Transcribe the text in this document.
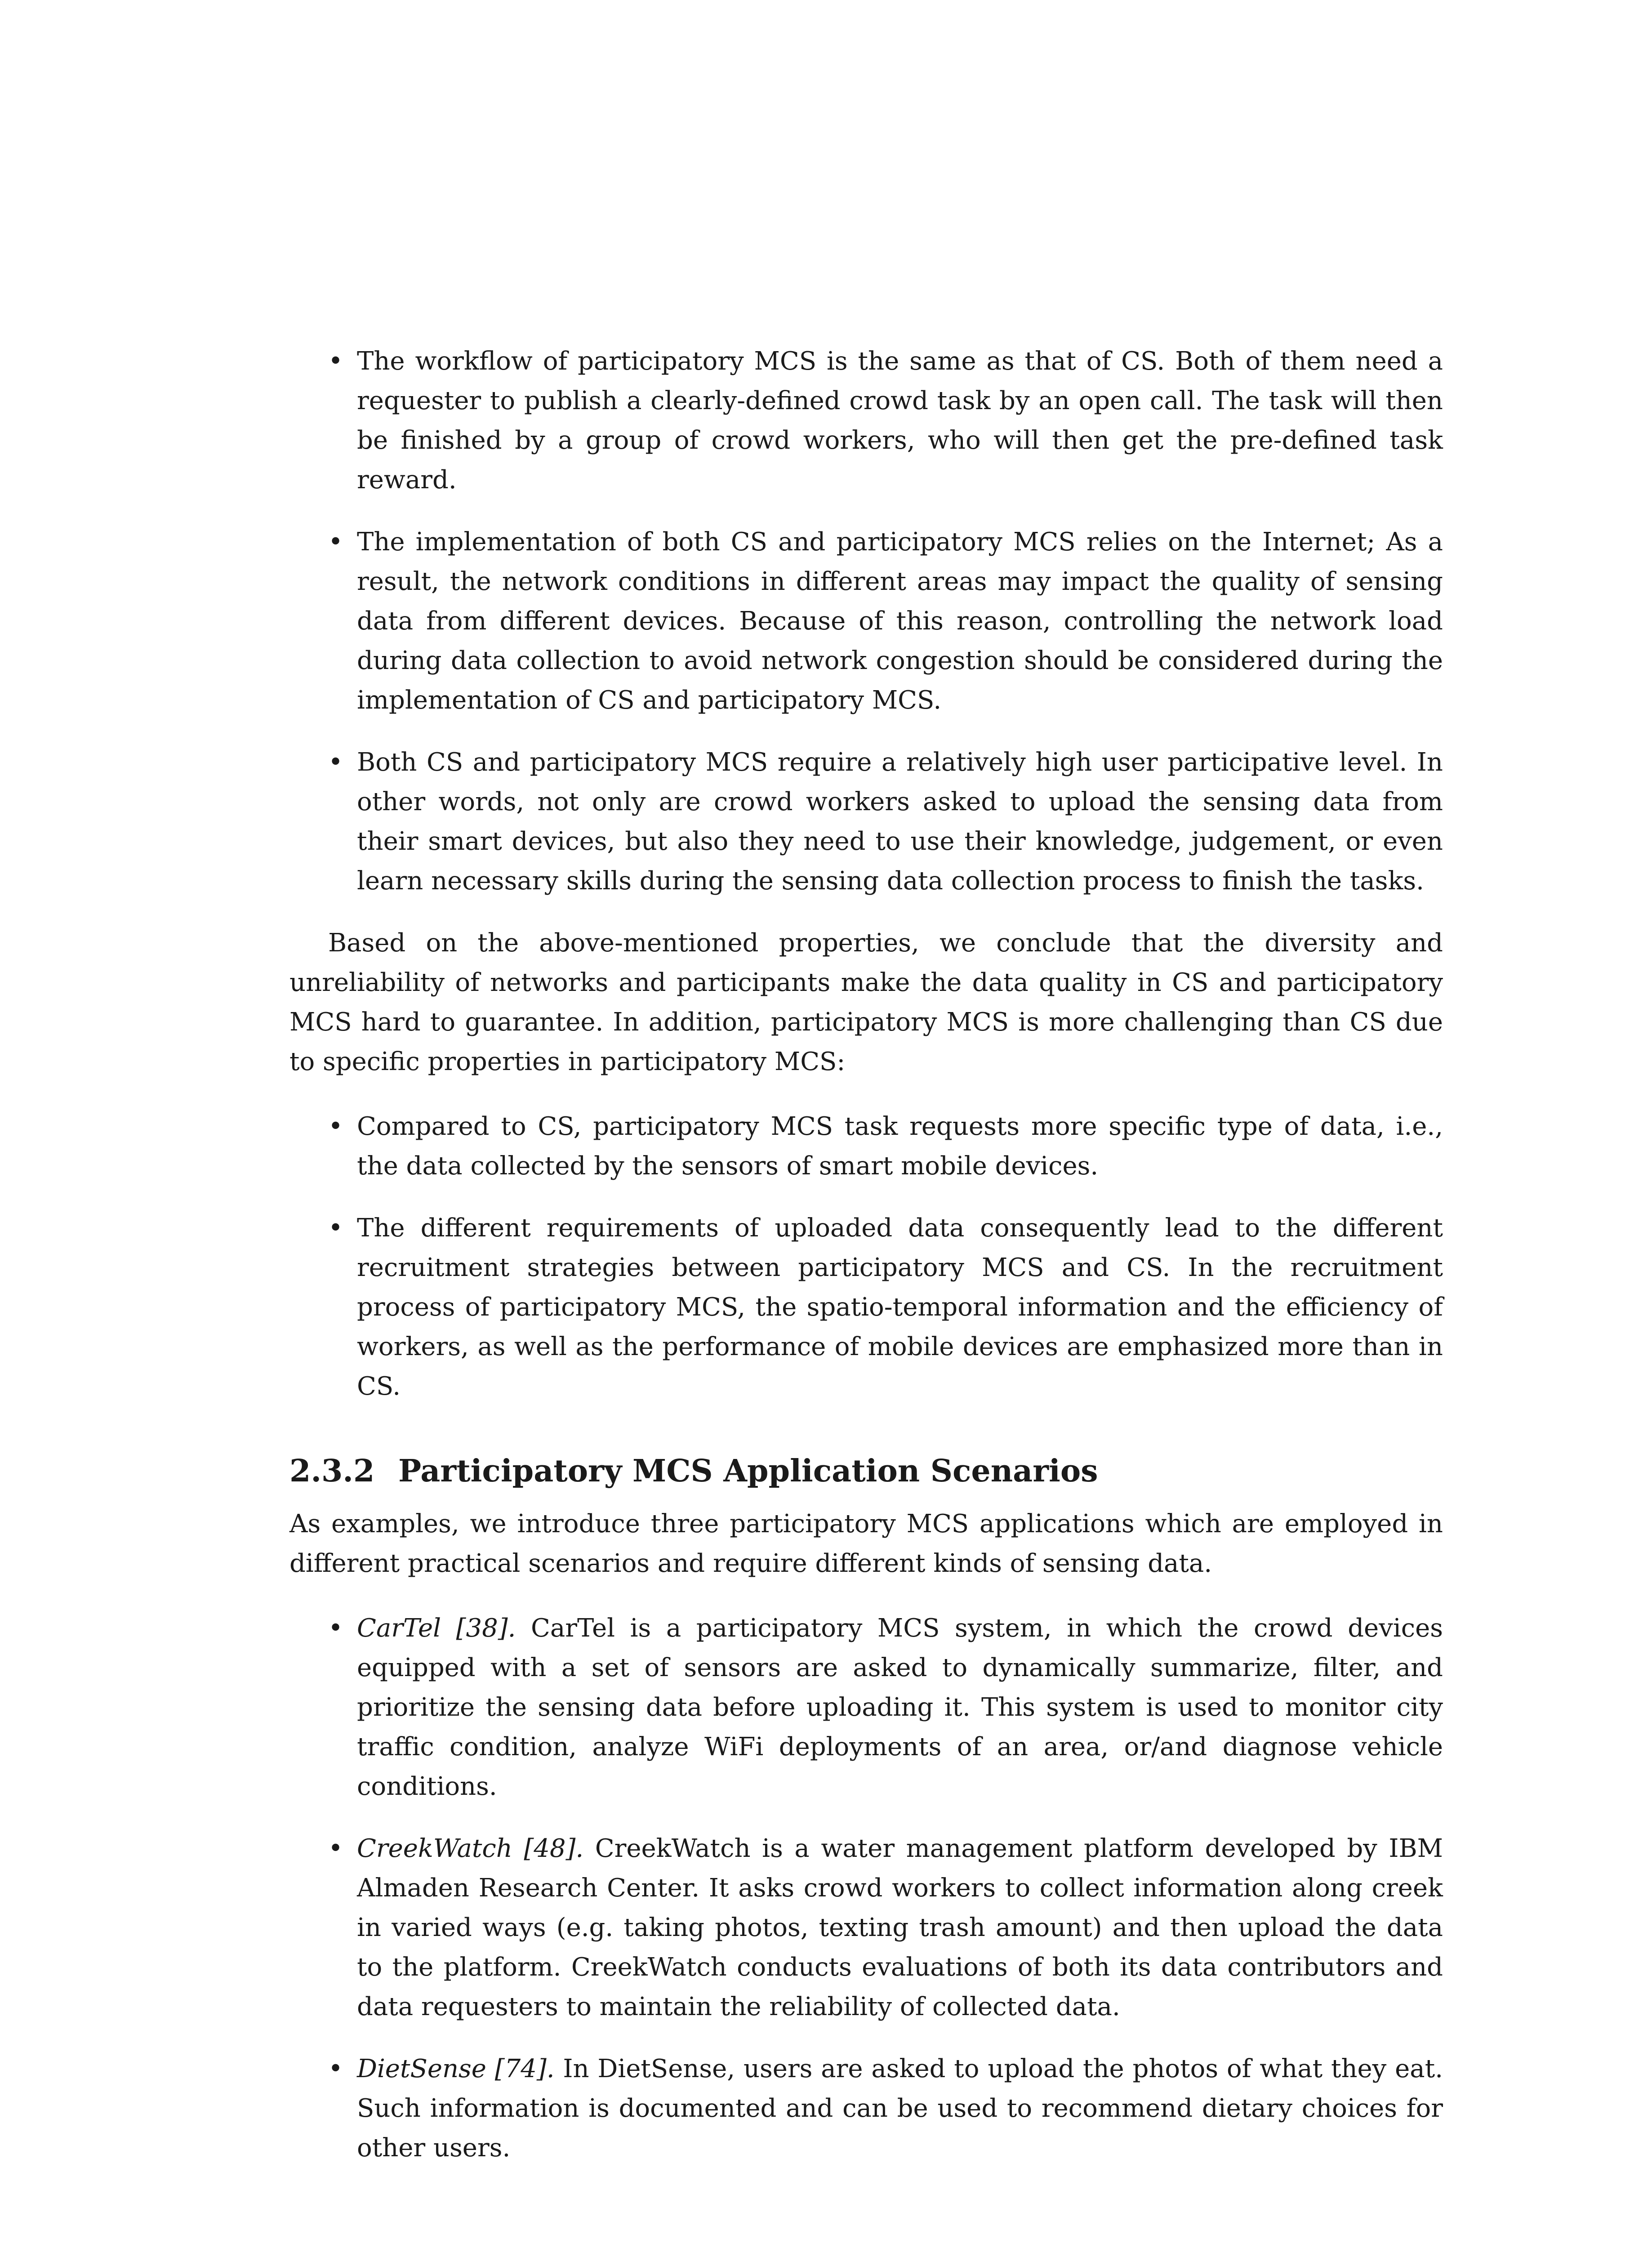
• The workflow of participatory MCS is the same as that of CS. Both of them need a requester to publish a clearly-defined crowd task by an open call. The task will then be finished by a group of crowd workers, who will then get the pre-defined task reward.
• The implementation of both CS and participatory MCS relies on the Internet; As a result, the network conditions in different areas may impact the quality of sensing data from different devices. Because of this reason, controlling the network load during data collection to avoid network congestion should be considered during the implementation of CS and participatory MCS.
• Both CS and participatory MCS require a relatively high user participative level. In other words, not only are crowd workers asked to upload the sensing data from their smart devices, but also they need to use their knowledge, judgement, or even learn necessary skills during the sensing data collection process to finish the tasks.

Based on the above-mentioned properties, we conclude that the diversity and unreliability of networks and participants make the data quality in CS and participatory MCS hard to guarantee. In addition, participatory MCS is more challenging than CS due to specific properties in participatory MCS:

• Compared to CS, participatory MCS task requests more specific type of data, i.e., the data collected by the sensors of smart mobile devices.
• The different requirements of uploaded data consequently lead to the different recruitment strategies between participatory MCS and CS. In the recruitment process of participatory MCS, the spatio-temporal information and the efficiency of workers, as well as the performance of mobile devices are emphasized more than in CS.
2.3.2 Participatory MCS Application Scenarios

As examples, we introduce three participatory MCS applications which are employed in different practical scenarios and require different kinds of sensing data.

• CarTel [38]. CarTel is a participatory MCS system, in which the crowd devices equipped with a set of sensors are asked to dynamically summarize, filter, and prioritize the sensing data before uploading it. This system is used to monitor city traffic condition, analyze WiFi deployments of an area, or/and diagnose vehicle conditions.
• CreekWatch [48]. CreekWatch is a water management platform developed by IBM Almaden Research Center. It asks crowd workers to collect information along creek in varied ways (e.g. taking photos, texting trash amount) and then upload the data to the platform. CreekWatch conducts evaluations of both its data contributors and data requesters to maintain the reliability of collected data.
• DietSense [74]. In DietSense, users are asked to upload the photos of what they eat. Such information is documented and can be used to recommend dietary choices for other users.
